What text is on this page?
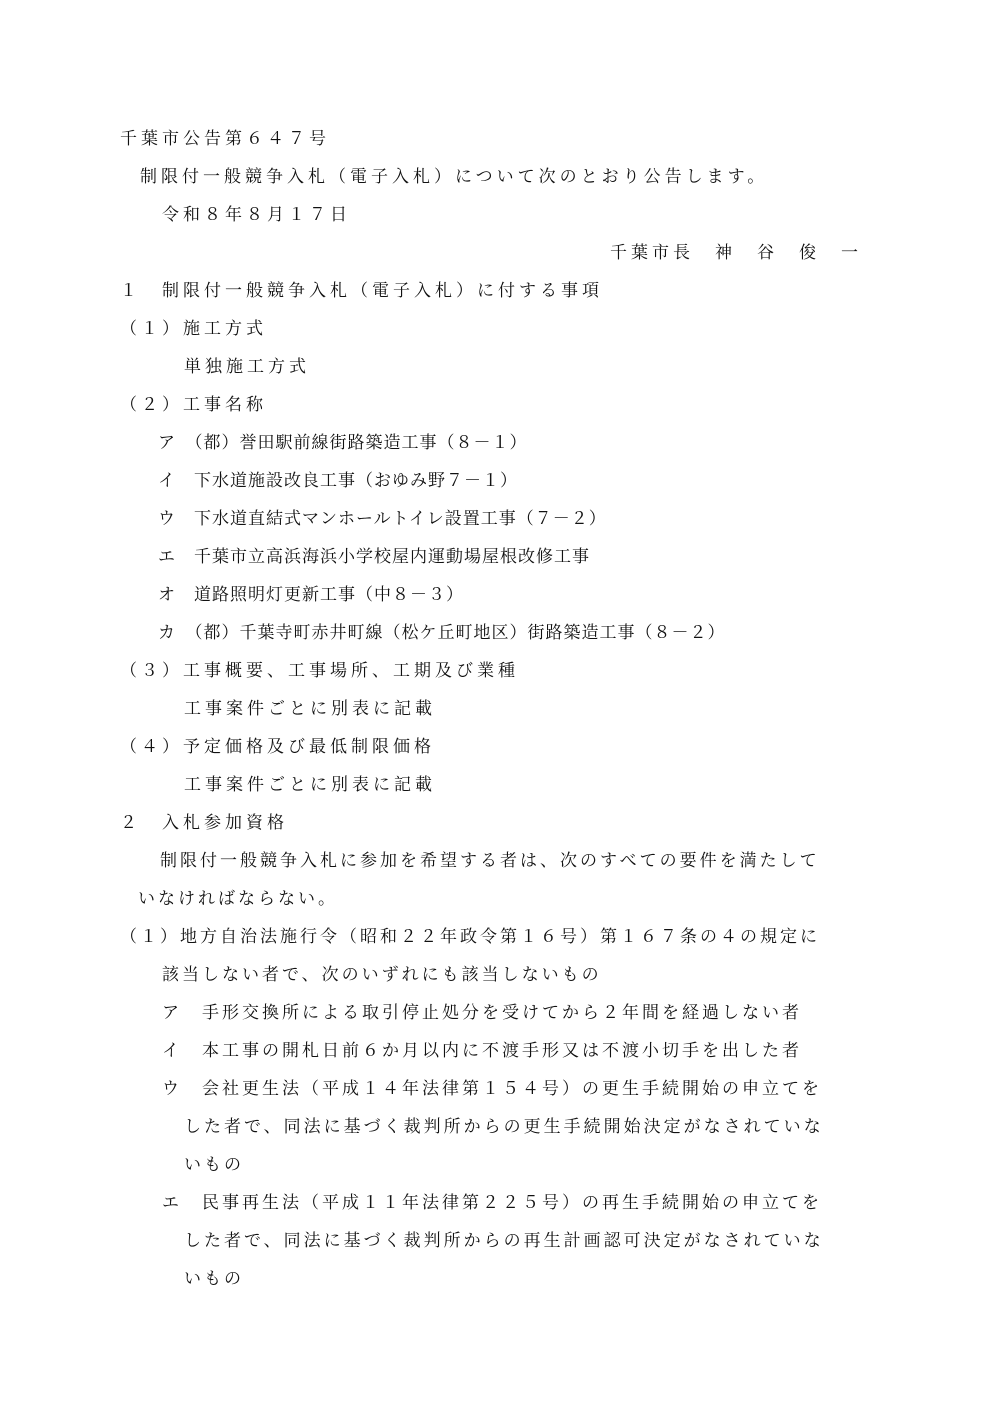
千葉市公告第６４７号
制限付一般競争入札（電子入札）について次のとおり公告します。
令和８年８月１７日
千葉市長　神　谷　俊　一
１　制限付一般競争入札（電子入札）に付する事項
（１）施工方式
単独施工方式
（２）工事名称
ア　（都）誉田駅前線街路築造工事（８－１）
イ　下水道施設改良工事（おゆみ野７－１）
ウ　下水道直結式マンホールトイレ設置工事（７－２）
エ　千葉市立高浜海浜小学校屋内運動場屋根改修工事
オ　道路照明灯更新工事（中８－３）
カ　（都）千葉寺町赤井町線（松ケ丘町地区）街路築造工事（８－２）
（３）工事概要、工事場所、工期及び業種
工事案件ごとに別表に記載
（４）予定価格及び最低制限価格
工事案件ごとに別表に記載
２　入札参加資格
制限付一般競争入札に参加を希望する者は、次のすべての要件を満たして
いなければならない。
（１）地方自治法施行令（昭和２２年政令第１６号）第１６７条の４の規定に
該当しない者で、次のいずれにも該当しないもの
ア　手形交換所による取引停止処分を受けてから２年間を経過しない者
イ　本工事の開札日前６か月以内に不渡手形又は不渡小切手を出した者
ウ　会社更生法（平成１４年法律第１５４号）の更生手続開始の申立てを
した者で、同法に基づく裁判所からの更生手続開始決定がなされていな
いもの
エ　民事再生法（平成１１年法律第２２５号）の再生手続開始の申立てを
した者で、同法に基づく裁判所からの再生計画認可決定がなされていな
いもの
